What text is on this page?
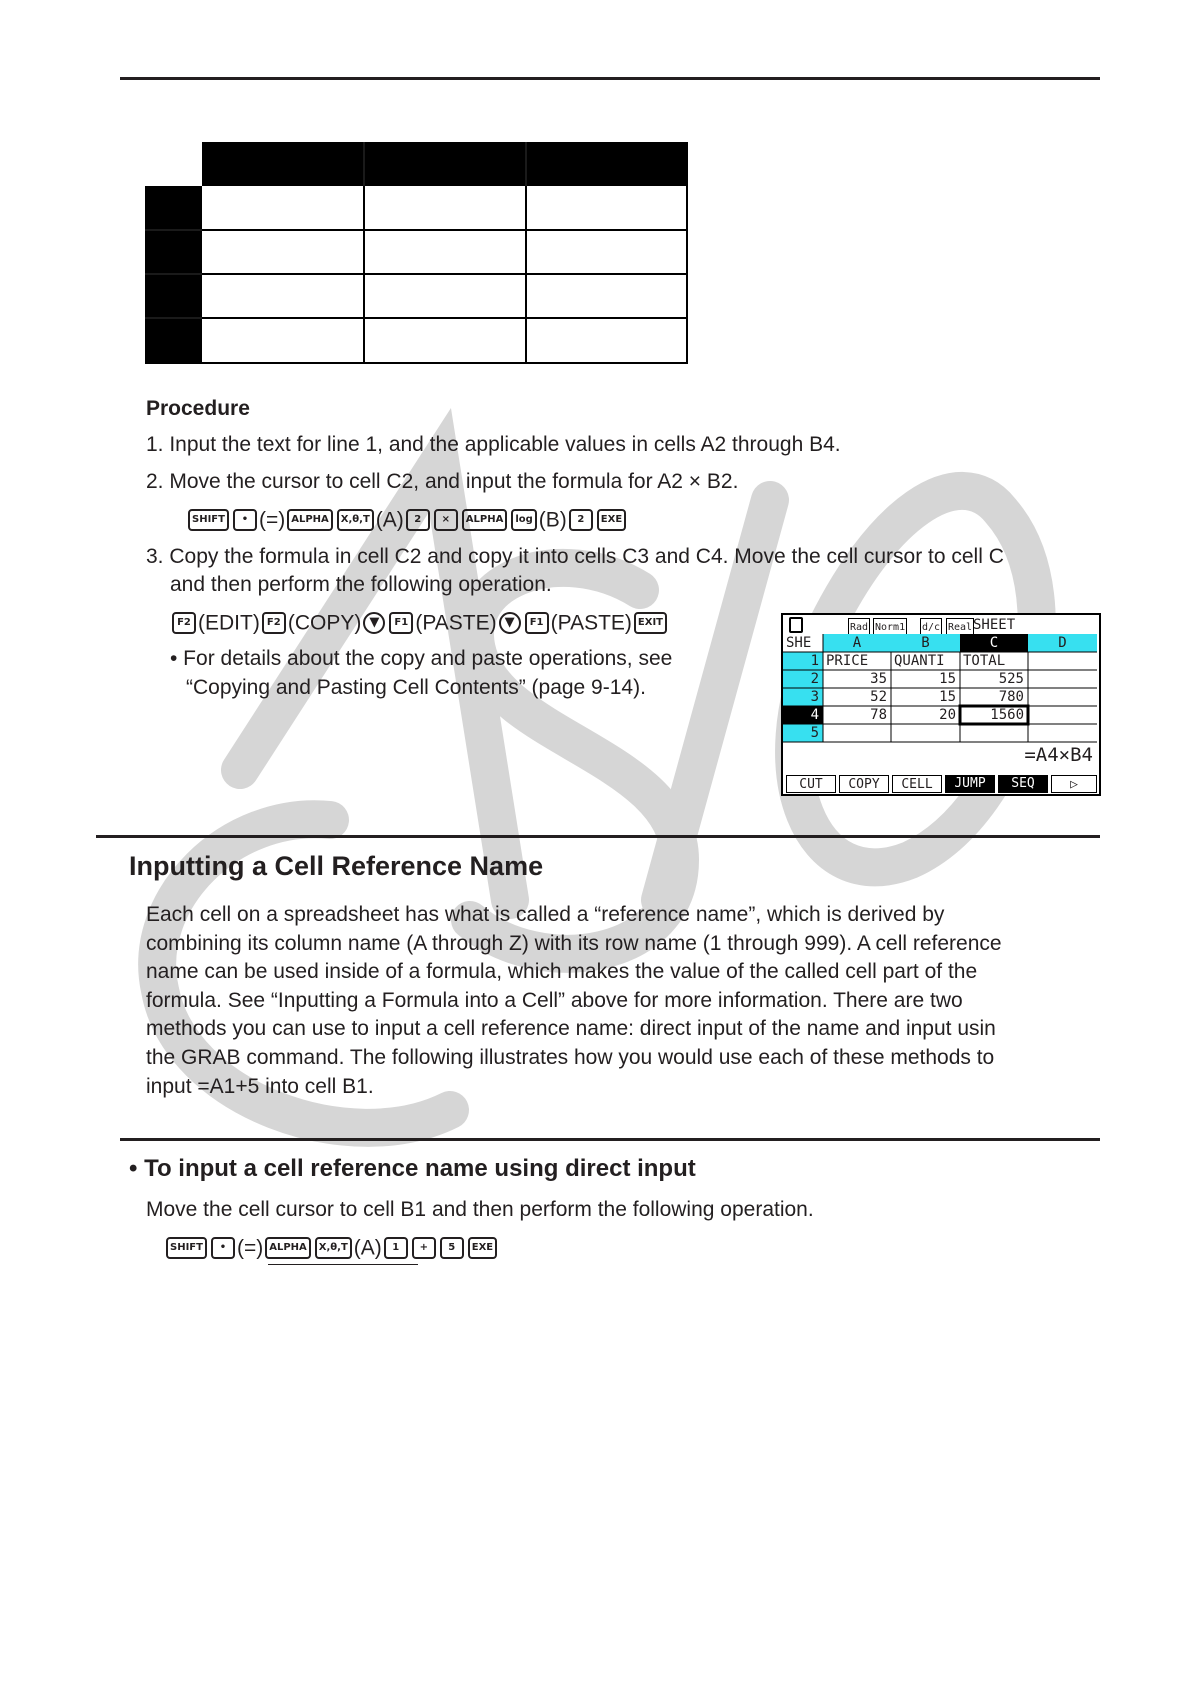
Procedure
1. Input the text for line 1, and the applicable values in cells A2 through B4.
2. Move the cursor to cell C2, and input the formula for A2 × B2.
SHIFT • (=) ALPHA X,θ,T (A) 2 × ALPHA log (B) 2 EXE
3. Copy the formula in cell C2 and copy it into cells C3 and C4. Move the cell cursor to cell C
and then perform the following operation.
F2 (EDIT) F2 (COPY) ▼ F1 (PASTE) ▼ F1 (PASTE) EXIT
• For details about the copy and paste operations, see
“Copying and Pasting Cell Contents” (page 9-14).
Rad Norm1 d/c Real SHEET
SHE	A	B	C	D
1 PRICE	QUANTI	TOTAL
2	35	15	525
3	52	15	780
4	78	20	1560
5
=A4×B4
CUT	COPY	CELL	JUMP	SEQ	▷
Inputting a Cell Reference Name
Each cell on a spreadsheet has what is called a “reference name”, which is derived by
combining its column name (A through Z) with its row name (1 through 999). A cell reference
name can be used inside of a formula, which makes the value of the called cell part of the
formula. See “Inputting a Formula into a Cell” above for more information. There are two
methods you can use to input a cell reference name: direct input of the name and input usin
the GRAB command. The following illustrates how you would use each of these methods to
input =A1+5 into cell B1.
• To input a cell reference name using direct input
Move the cell cursor to cell B1 and then perform the following operation.
SHIFT • (=) ALPHA X,θ,T (A) 1 + 5 EXE
